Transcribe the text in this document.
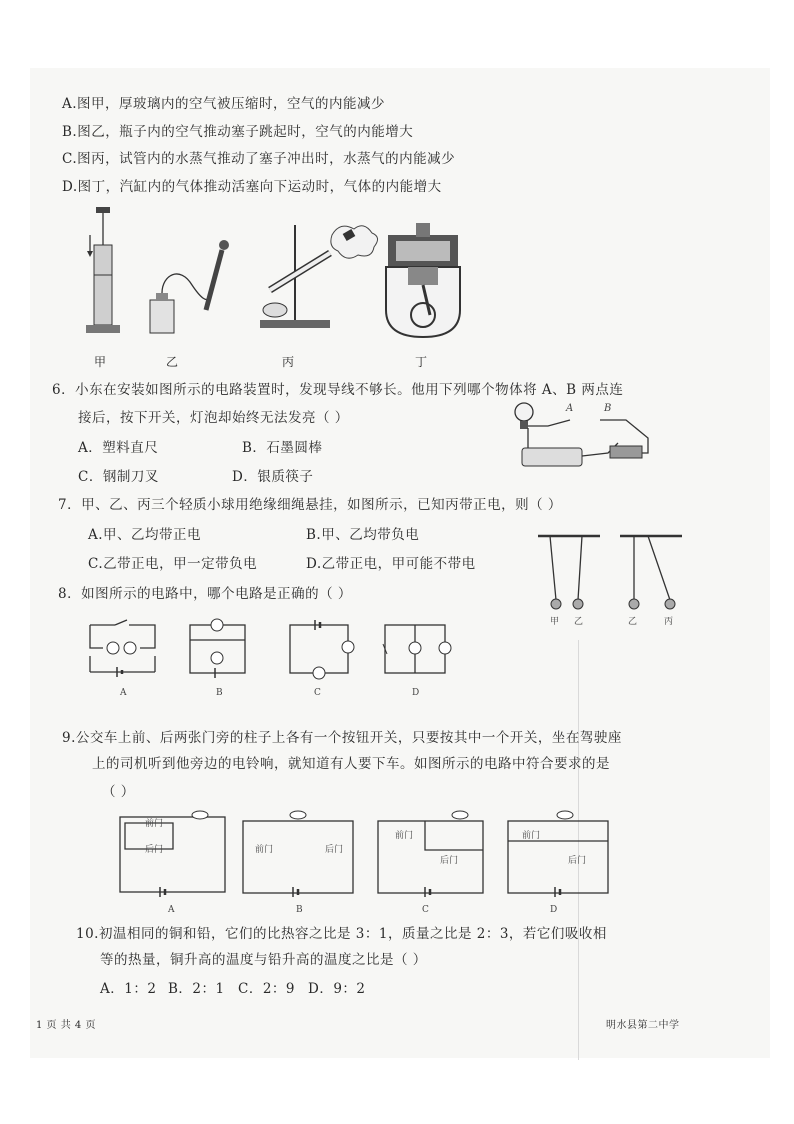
A.图甲，厚玻璃内的空气被压缩时，空气的内能减少
B.图乙，瓶子内的空气推动塞子跳起时，空气的内能增大
C.图丙，试管内的水蒸气推动了塞子冲出时，水蒸气的内能减少
D.图丁，汽缸内的气体推动活塞向下运动时，气体的内能增大
甲	乙	丙	丁
6．小东在安装如图所示的电路装置时，发现导线不够长。他用下列哪个物体将 A、B 两点连
接后，按下开关，灯泡却始终无法发亮（ ）
A．塑料直尺	B．石墨圆棒
C．钢制刀叉	D．银质筷子
A	B
7．甲、乙、丙三个轻质小球用绝缘细绳悬挂，如图所示，已知丙带正电，则（ ）
A.甲、乙均带正电	B.甲、乙均带负电
C.乙带正电，甲一定带负电	D.乙带正电，甲可能不带电
甲 乙	乙	丙
8．如图所示的电路中，哪个电路是正确的（ ）
A	B	C	D
9.公交车上前、后两张门旁的柱子上各有一个按钮开关，只要按其中一个开关，坐在驾驶座
上的司机听到他旁边的电铃响，就知道有人要下车。如图所示的电路中符合要求的是
（ ）
前门
后门	前门	后门
前门
后门
前门
后门
A	B	C	D
10.初温相同的铜和铅，它们的比热容之比是 3：1，质量之比是 2：3，若它们吸收相
等的热量，铜升高的温度与铅升高的温度之比是（ ）
A．1：2 B．2：1 C．2：9 D．9：2
1 页 共 4 页	明水县第二中学
